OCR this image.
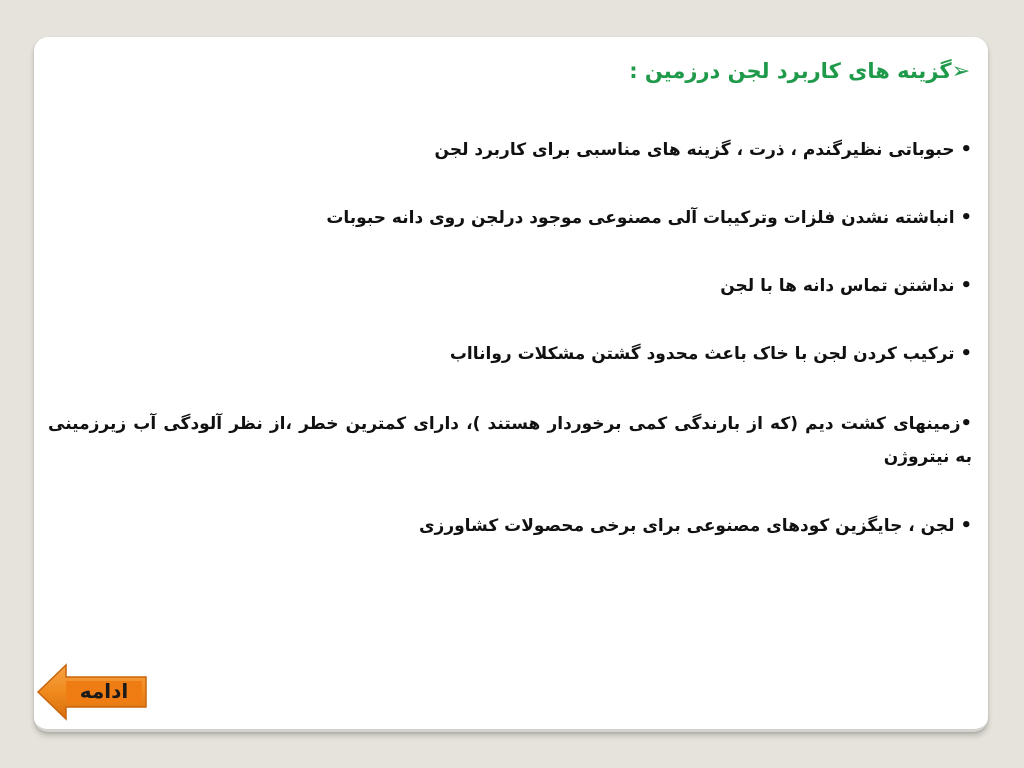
➢گزینه های کاربرد لجن درزمین :
• حبوباتی نظیرگندم ، ذرت ، گزینه های مناسبی برای کاربرد لجن
• انباشته نشدن فلزات وترکیبات آلی مصنوعی موجود درلجن روی دانه حبوبات
• نداشتن تماس دانه ها با لجن
• ترکیب کردن لجن با خاک باعث محدود گشتن مشکلات روانااب
•زمینهای کشت دیم (که از بارندگی کمی برخوردار هستند )، دارای کمترین خطر ،از نظر آلودگی آب زیرزمینی به نیتروژن
• لجن ، جایگزین کودهای مصنوعی برای برخی محصولات کشاورزی
ادامه
